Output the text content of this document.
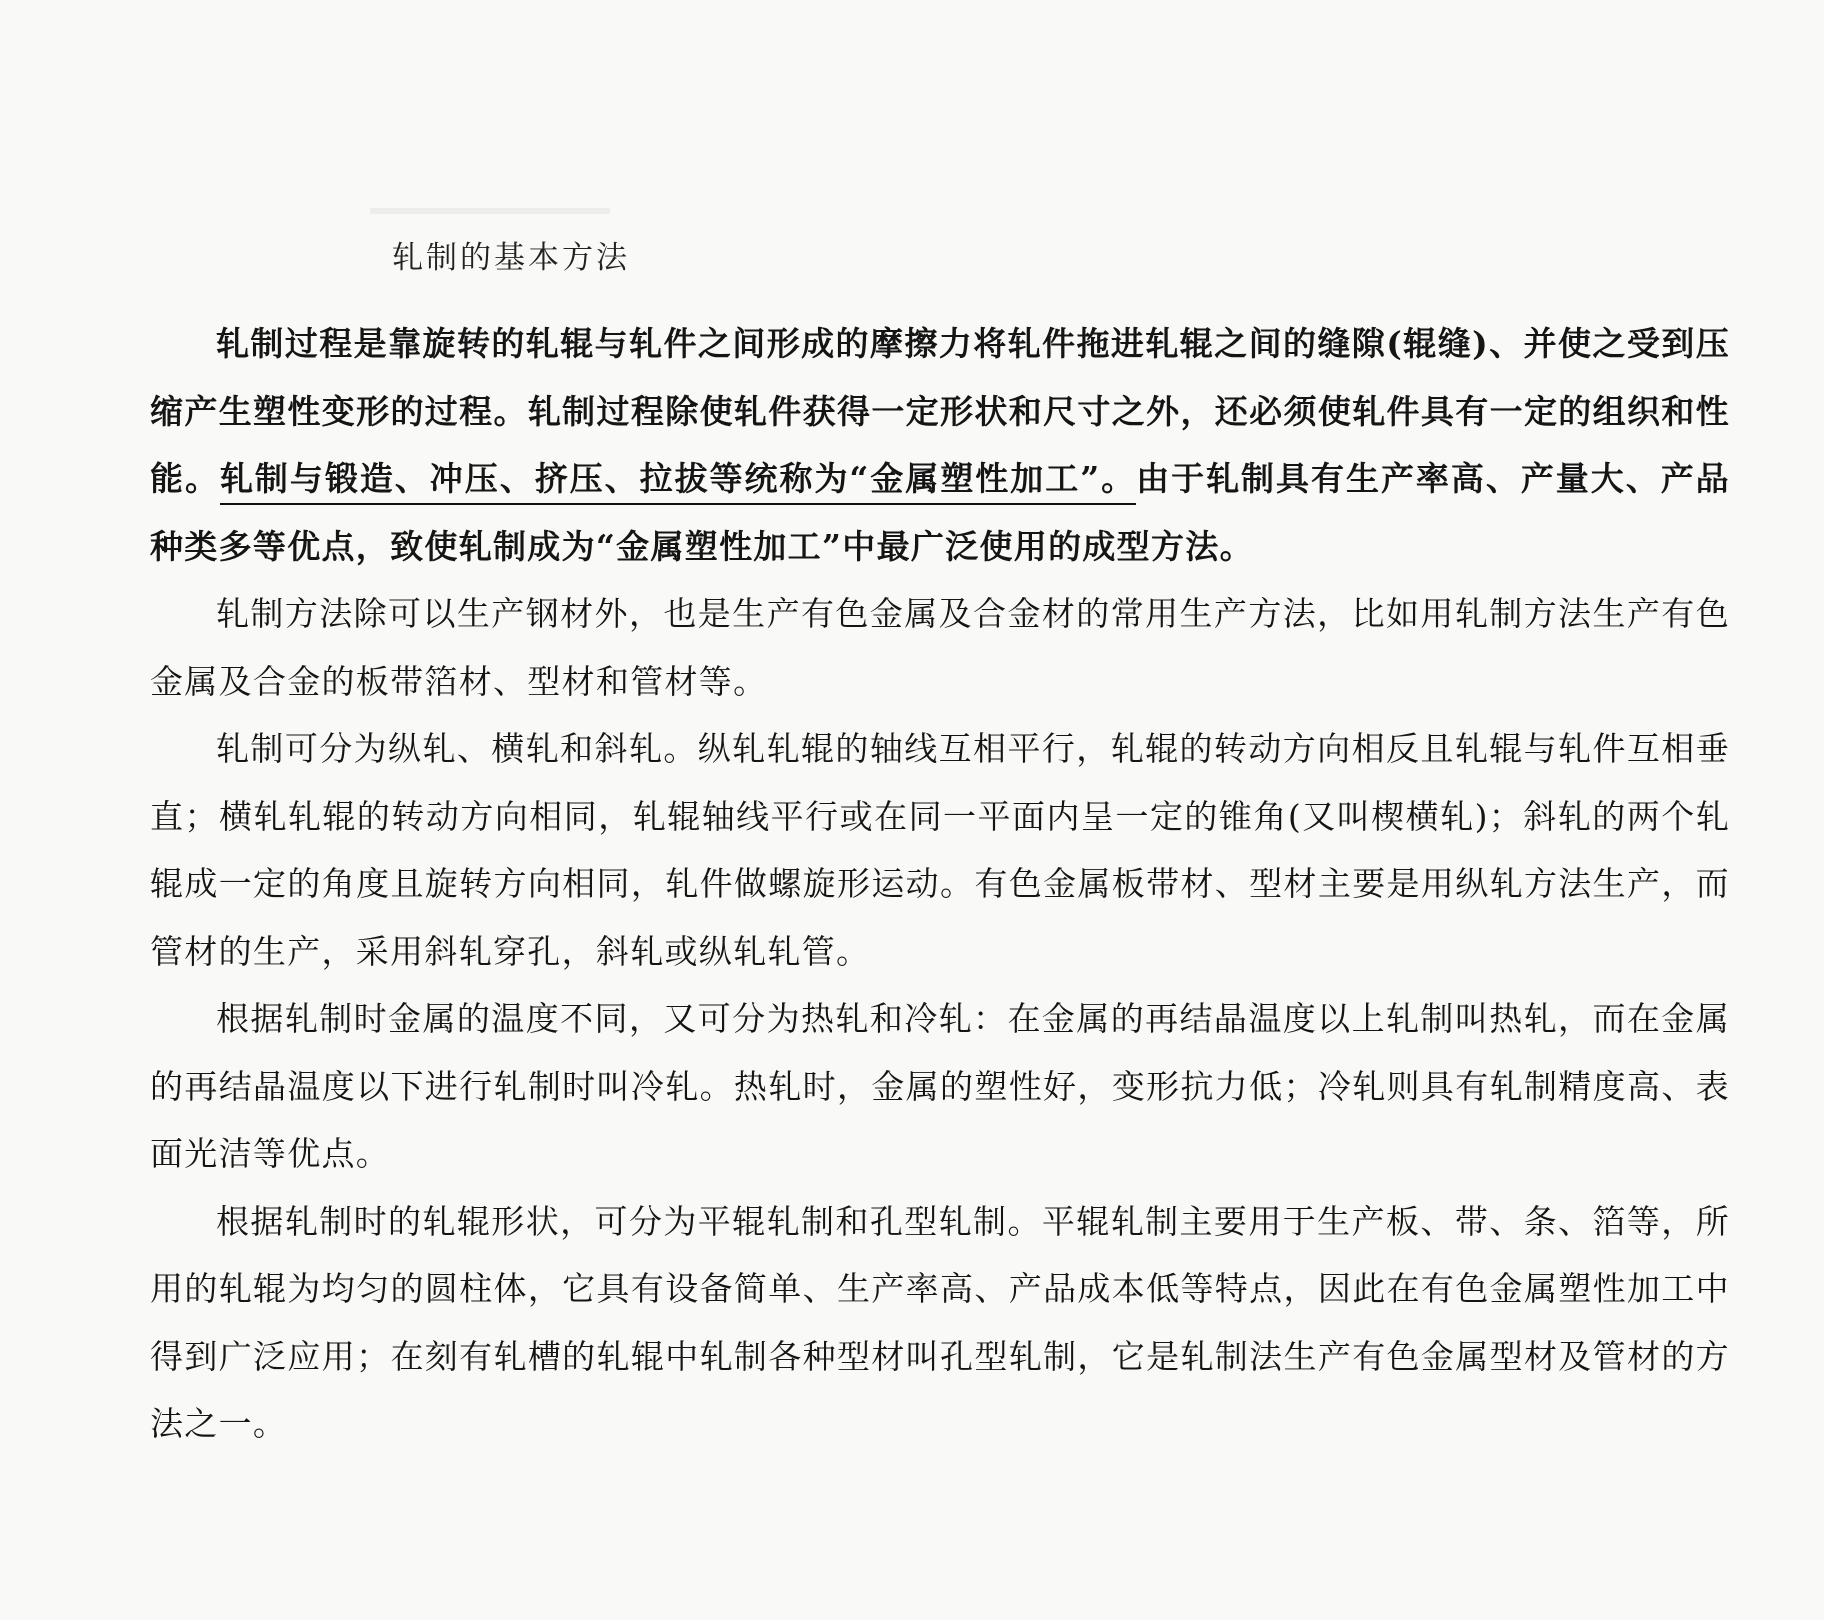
轧制的基本方法

轧制过程是靠旋转的轧辊与轧件之间形成的摩擦力将轧件拖进轧辊之间的缝隙(辊缝)、并使之受到压缩产生塑性变形的过程。轧制过程除使轧件获得一定形状和尺寸之外，还必须使轧件具有一定的组织和性能。轧制与锻造、冲压、挤压、拉拔等统称为“金属塑性加工”。由于轧制具有生产率高、产量大、产品种类多等优点，致使轧制成为“金属塑性加工”中最广泛使用的成型方法。

轧制方法除可以生产钢材外，也是生产有色金属及合金材的常用生产方法，比如用轧制方法生产有色金属及合金的板带箔材、型材和管材等。

轧制可分为纵轧、横轧和斜轧。纵轧轧辊的轴线互相平行，轧辊的转动方向相反且轧辊与轧件互相垂直；横轧轧辊的转动方向相同，轧辊轴线平行或在同一平面内呈一定的锥角(又叫楔横轧)；斜轧的两个轧辊成一定的角度且旋转方向相同，轧件做螺旋形运动。有色金属板带材、型材主要是用纵轧方法生产，而管材的生产，采用斜轧穿孔，斜轧或纵轧轧管。

根据轧制时金属的温度不同，又可分为热轧和冷轧：在金属的再结晶温度以上轧制叫热轧，而在金属的再结晶温度以下进行轧制时叫冷轧。热轧时，金属的塑性好，变形抗力低；冷轧则具有轧制精度高、表面光洁等优点。

根据轧制时的轧辊形状，可分为平辊轧制和孔型轧制。平辊轧制主要用于生产板、带、条、箔等，所用的轧辊为均匀的圆柱体，它具有设备简单、生产率高、产品成本低等特点，因此在有色金属塑性加工中得到广泛应用；在刻有轧槽的轧辊中轧制各种型材叫孔型轧制，它是轧制法生产有色金属型材及管材的方法之一。
